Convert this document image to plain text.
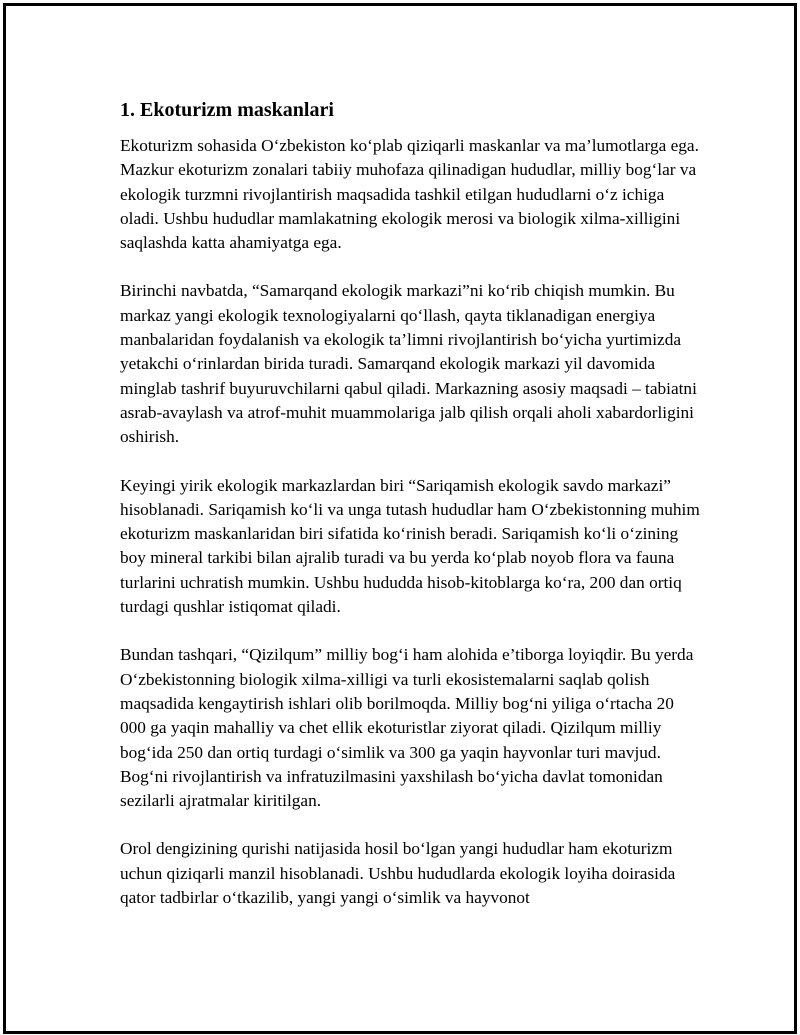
1. Ekoturizm maskanlari

Ekoturizm sohasida O‘zbekiston ko‘plab qiziqarli maskanlar va ma’lumotlarga ega. Mazkur ekoturizm zonalari tabiiy muhofaza qilinadigan hududlar, milliy bog‘lar va ekologik turzmni rivojlantirish maqsadida tashkil etilgan hududlarni o‘z ichiga oladi. Ushbu hududlar mamlakatning ekologik merosi va biologik xilma-xilligini saqlashda katta ahamiyatga ega.

Birinchi navbatda, “Samarqand ekologik markazi”ni ko‘rib chiqish mumkin. Bu markaz yangi ekologik texnologiyalarni qo‘llash, qayta tiklanadigan energiya manbalaridan foydalanish va ekologik ta’limni rivojlantirish bo‘yicha yurtimizda yetakchi o‘rinlardan birida turadi. Samarqand ekologik markazi yil davomida minglab tashrif buyuruvchilarni qabul qiladi. Markazning asosiy maqsadi – tabiatni asrab-avaylash va atrof-muhit muammolariga jalb qilish orqali aholi xabardorligini oshirish.

Keyingi yirik ekologik markazlardan biri “Sariqamish ekologik savdo markazi” hisoblanadi. Sariqamish ko‘li va unga tutash hududlar ham O‘zbekistonning muhim ekoturizm maskanlaridan biri sifatida ko‘rinish beradi. Sariqamish ko‘li o‘zining boy mineral tarkibi bilan ajralib turadi va bu yerda ko‘plab noyob flora va fauna turlarini uchratish mumkin. Ushbu hududda hisob-kitoblarga ko‘ra, 200 dan ortiq turdagi qushlar istiqomat qiladi.

Bundan tashqari, “Qizilqum” milliy bog‘i ham alohida e’tiborga loyiqdir. Bu yerda O‘zbekistonning biologik xilma-xilligi va turli ekosistemalarni saqlab qolish maqsadida kengaytirish ishlari olib borilmoqda. Milliy bog‘ni yiliga o‘rtacha 20 000 ga yaqin mahalliy va chet ellik ekoturistlar ziyorat qiladi. Qizilqum milliy bog‘ida 250 dan ortiq turdagi o‘simlik va 300 ga yaqin hayvonlar turi mavjud. Bog‘ni rivojlantirish va infratuzilmasini yaxshilash bo‘yicha davlat tomonidan sezilarli ajratmalar kiritilgan.

Orol dengizining qurishi natijasida hosil bo‘lgan yangi hududlar ham ekoturizm uchun qiziqarli manzil hisoblanadi. Ushbu hududlarda ekologik loyiha doirasida qator tadbirlar o‘tkazilib, yangi yangi o‘simlik va hayvonot
